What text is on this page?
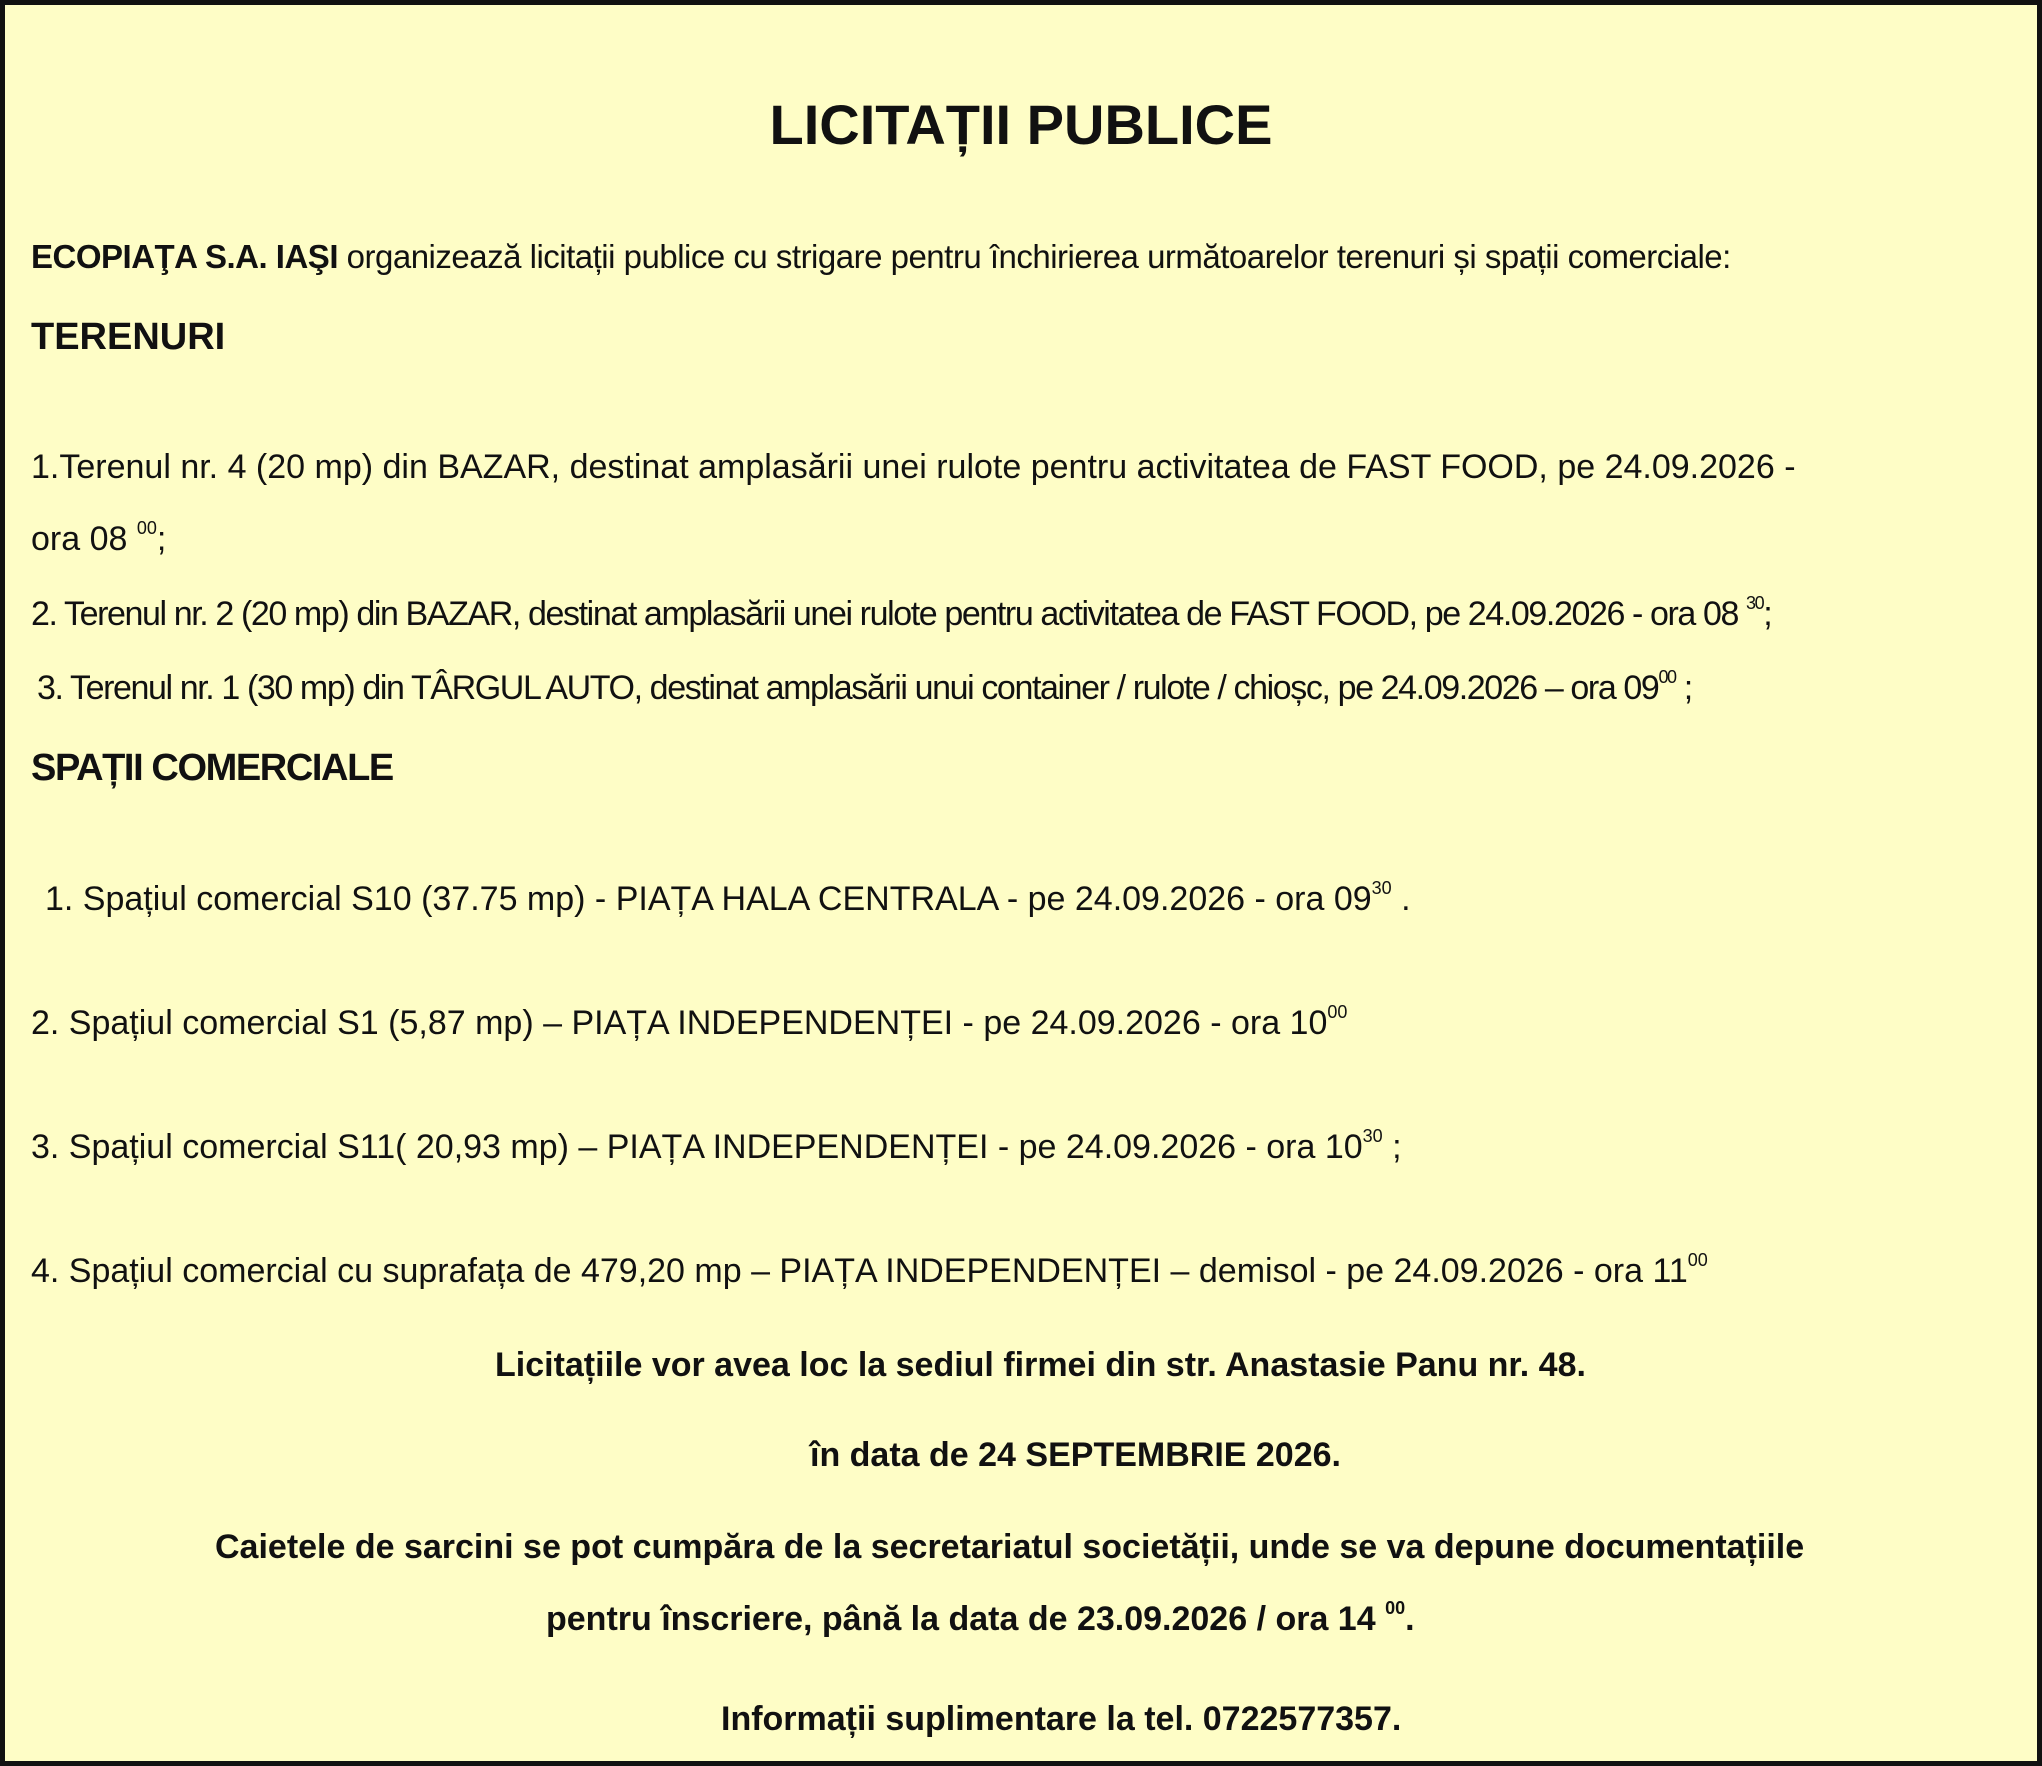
LICITAȚII PUBLICE
ECOPIAŢA S.A. IAŞI organizează licitații publice cu strigare pentru închirierea următoarelor terenuri și spații comerciale:
TERENURI
1.Terenul nr. 4 (20 mp) din BAZAR, destinat amplasării unei rulote pentru activitatea de FAST FOOD, pe 24.09.2026 -
ora 08 $^{00}$;
2. Terenul nr. 2 (20 mp) din BAZAR, destinat amplasării unei rulote pentru activitatea de FAST FOOD, pe 24.09.2026 - ora 08 $^{30}$;
3. Terenul nr. 1 (30 mp) din TÂRGUL AUTO, destinat amplasării unui container / rulote / chioșc, pe 24.09.2026 – ora $09^{00}$ ;
SPAȚII COMERCIALE
1. Spațiul comercial S10 (37.75 mp) - PIAȚA HALA CENTRALA - pe 24.09.2026 - ora $09^{30}$ .
2. Spațiul comercial S1 (5,87 mp) – PIAȚA INDEPENDENȚEI - pe 24.09.2026 - ora $10^{00}$
3. Spațiul comercial S11( 20,93 mp) – PIAȚA INDEPENDENȚEI - pe 24.09.2026 - ora $10^{30}$ ;
4. Spațiul comercial cu suprafața de 479,20 mp – PIAȚA INDEPENDENȚEI – demisol - pe 24.09.2026 - ora $11^{00}$
Licitațiile vor avea loc la sediul firmei din str. Anastasie Panu nr. 48.
în data de 24 SEPTEMBRIE 2026.
Caietele de sarcini se pot cumpăra de la secretariatul societății, unde se va depune documentațiile
pentru înscriere, până la data de 23.09.2026 / ora 14 $^{00}$.
Informații suplimentare la tel. 0722577357.
